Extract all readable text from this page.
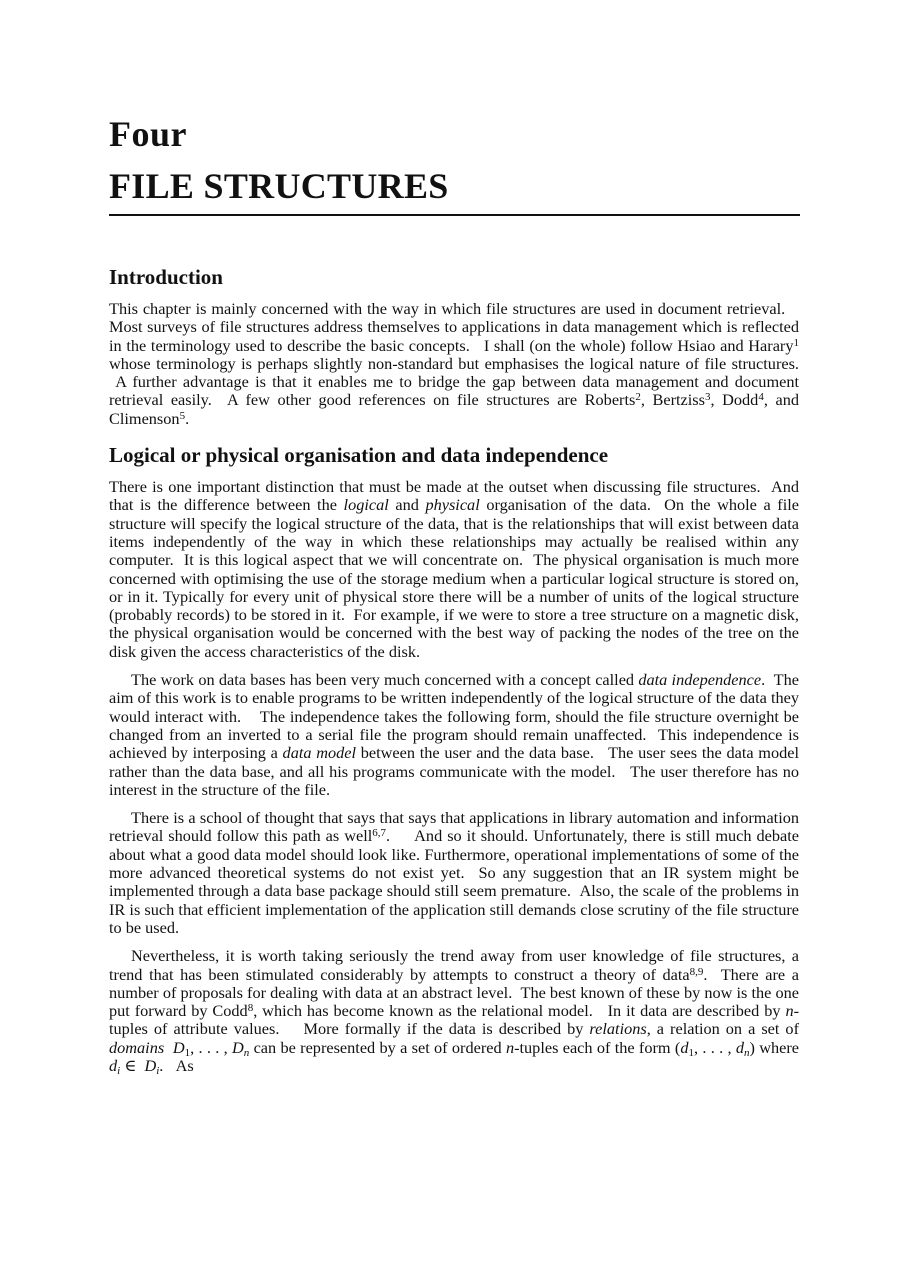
Four
FILE STRUCTURES
Introduction

This chapter is mainly concerned with the way in which file structures are used in document retrieval.    Most surveys of file structures address themselves to applications in data management which is reflected in the terminology used to describe the basic concepts.   I shall (on the whole) follow Hsiao and Harary$^1$ whose terminology is perhaps slightly non-standard but emphasises the logical nature of file structures.  A further advantage is that it enables me to bridge the gap between data management and document retrieval easily.  A few other good references on file structures are Roberts$^2$, Bertziss$^3$, Dodd$^4$, and Climenson$^5$.

Logical or physical organisation and data independence

There is one important distinction that must be made at the outset when discussing file structures.  And that is the difference between the logical and physical organisation of the data.  On the whole a file structure will specify the logical structure of the data, that is the relationships that will exist between data items independently of the way in which these relationships may actually be realised within any computer.  It is this logical aspect that we will concentrate on.  The physical organisation is much more concerned with optimising the use of the storage medium when a particular logical structure is stored on, or in it. Typically for every unit of physical store there will be a number of units of the logical structure (probably records) to be stored in it.  For example, if we were to store a tree structure on a magnetic disk, the physical organisation would be concerned with the best way of packing the nodes of the tree on the disk given the access characteristics of the disk.

The work on data bases has been very much concerned with a concept called data independence.  The aim of this work is to enable programs to be written independently of the logical structure of the data they would interact with.    The independence takes the following form, should the file structure overnight be changed from an inverted to a serial file the program should remain unaffected.  This independence is achieved by interposing a data model between the user and the data base.   The user sees the data model rather than the data base, and all his programs communicate with the model.   The user therefore has no interest in the structure of the file.

There is a school of thought that says that says that applications in library automation and information retrieval should follow this path as well$^{6,7}$.     And so it should. Unfortunately, there is still much debate about what a good data model should look like. Furthermore, operational implementations of some of the more advanced theoretical systems do not exist yet.  So any suggestion that an IR system might be implemented through a data base package should still seem premature.  Also, the scale of the problems in IR is such that efficient implementation of the application still demands close scrutiny of the file structure to be used.

Nevertheless, it is worth taking seriously the trend away from user knowledge of file structures, a trend that has been stimulated considerably by attempts to construct a theory of data$^{8,9}$.  There are a number of proposals for dealing with data at an abstract level.  The best known of these by now is the one put forward by Codd$^8$, which has become known as the relational model.   In it data are described by n-tuples of attribute values.    More formally if the data is described by relations, a relation on a set of domains $D_1$, . . . , $D_n$ can be represented by a set of ordered n-tuples each of the form ($d_1$, . . . , $d_n$) where $d_i$ ∈  $D_i$.   As
